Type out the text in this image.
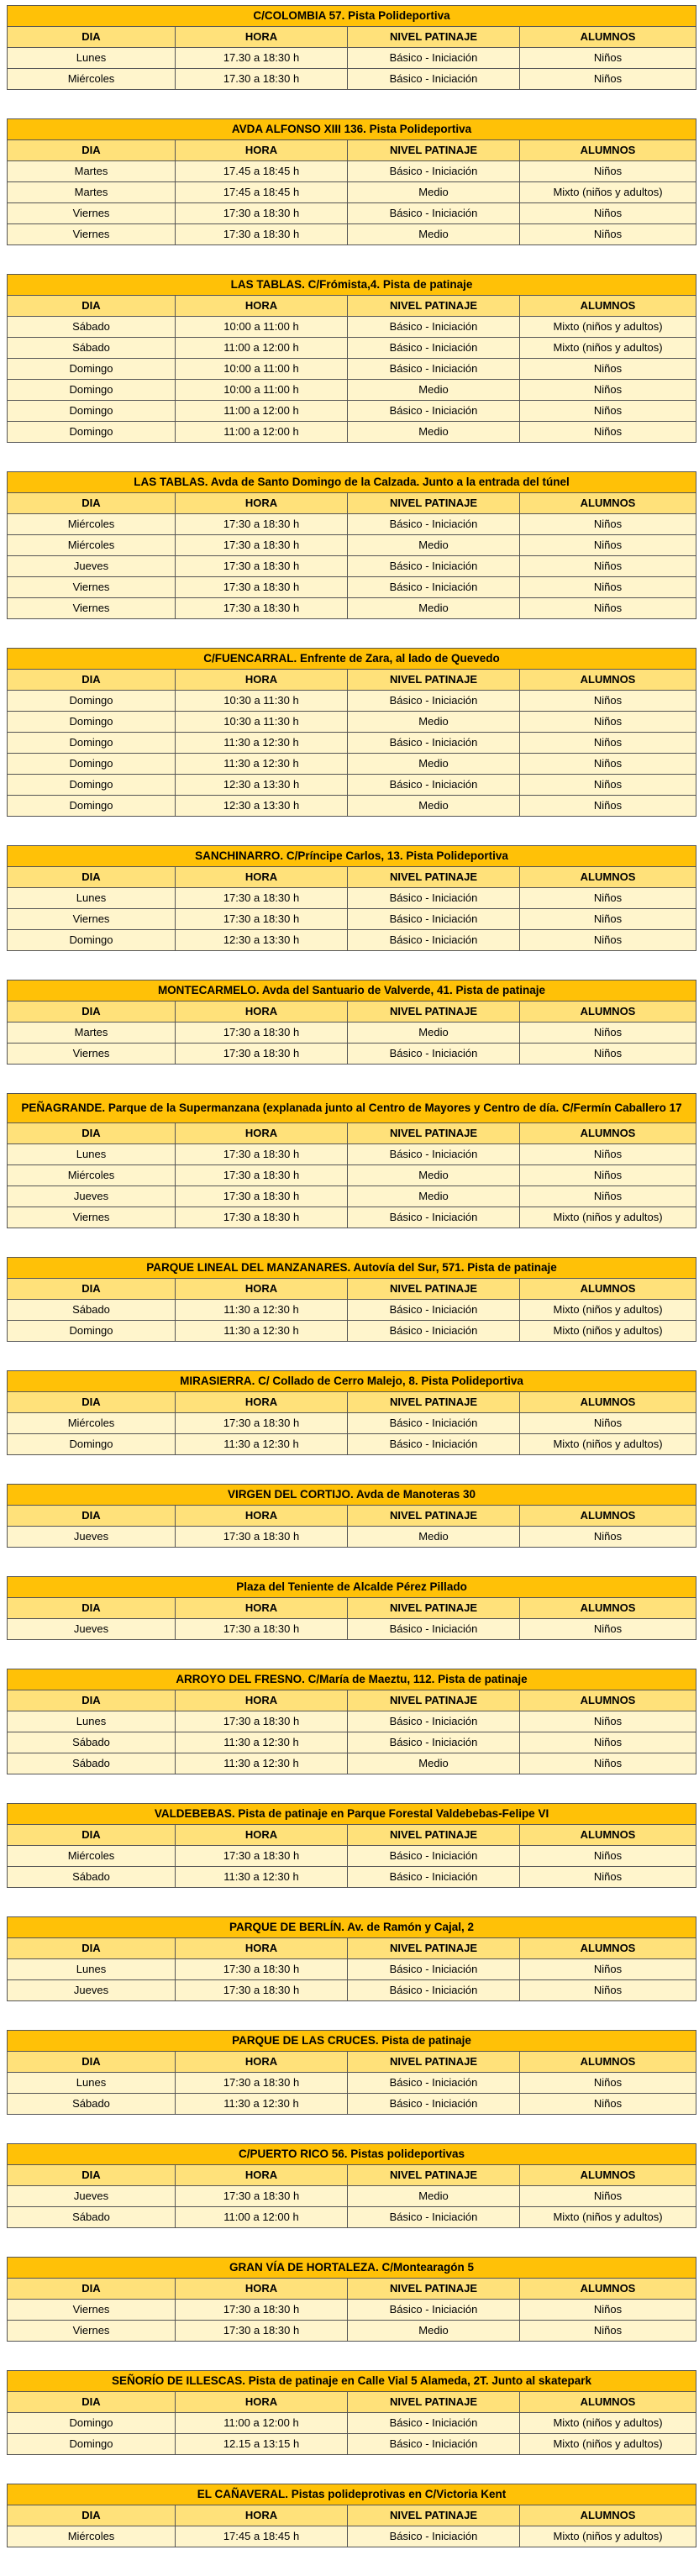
C/COLOMBIA 57. Pista Polideportiva			
DIA	HORA	NIVEL PATINAJE	ALUMNOS
Lunes	17.30 a 18:30 h	Básico - Iniciación	Niños
Miércoles	17.30 a 18:30 h	Básico - Iniciación	Niños
AVDA ALFONSO XIII 136. Pista Polideportiva			
DIA	HORA	NIVEL PATINAJE	ALUMNOS
Martes	17.45 a 18:45 h	Básico - Iniciación	Niños
Martes	17:45 a 18:45 h	Medio	Mixto (niños y adultos)
Viernes	17:30 a 18:30 h	Básico - Iniciación	Niños
Viernes	17:30 a 18:30 h	Medio	Niños
LAS TABLAS. C/Frómista,4. Pista de patinaje			
DIA	HORA	NIVEL PATINAJE	ALUMNOS
Sábado	10:00 a 11:00 h	Básico - Iniciación	Mixto (niños y adultos)
Sábado	11:00 a 12:00 h	Básico - Iniciación	Mixto (niños y adultos)
Domingo	10:00 a 11:00 h	Básico - Iniciación	Niños
Domingo	10:00 a 11:00 h	Medio	Niños
Domingo	11:00 a 12:00 h	Básico - Iniciación	Niños
Domingo	11:00 a 12:00 h	Medio	Niños
LAS TABLAS. Avda de Santo Domingo de la Calzada. Junto a la entrada del túnel			
DIA	HORA	NIVEL PATINAJE	ALUMNOS
Miércoles	17:30 a 18:30 h	Básico - Iniciación	Niños
Miércoles	17:30 a 18:30 h	Medio	Niños
Jueves	17:30 a 18:30 h	Básico - Iniciación	Niños
Viernes	17:30 a 18:30 h	Básico - Iniciación	Niños
Viernes	17:30 a 18:30 h	Medio	Niños
C/FUENCARRAL. Enfrente de Zara, al lado de Quevedo			
DIA	HORA	NIVEL PATINAJE	ALUMNOS
Domingo	10:30 a 11:30 h	Básico - Iniciación	Niños
Domingo	10:30 a 11:30 h	Medio	Niños
Domingo	11:30 a 12:30 h	Básico - Iniciación	Niños
Domingo	11:30 a 12:30 h	Medio	Niños
Domingo	12:30 a 13:30 h	Básico - Iniciación	Niños
Domingo	12:30 a 13:30 h	Medio	Niños
SANCHINARRO. C/Príncipe Carlos, 13. Pista Polideportiva			
DIA	HORA	NIVEL PATINAJE	ALUMNOS
Lunes	17:30 a 18:30 h	Básico - Iniciación	Niños
Viernes	17:30 a 18:30 h	Básico - Iniciación	Niños
Domingo	12:30 a 13:30 h	Básico - Iniciación	Niños
MONTECARMELO. Avda del Santuario de Valverde, 41. Pista de patinaje			
DIA	HORA	NIVEL PATINAJE	ALUMNOS
Martes	17:30 a 18:30 h	Medio	Niños
Viernes	17:30 a 18:30 h	Básico - Iniciación	Niños
PEÑAGRANDE. Parque de la Supermanzana (explanada junto al Centro de Mayores y Centro de día. C/Fermín Caballero 17			
DIA	HORA	NIVEL PATINAJE	ALUMNOS
Lunes	17:30 a 18:30 h	Básico - Iniciación	Niños
Miércoles	17:30 a 18:30 h	Medio	Niños
Jueves	17:30 a 18:30 h	Medio	Niños
Viernes	17:30 a 18:30 h	Básico - Iniciación	Mixto (niños y adultos)
PARQUE LINEAL DEL MANZANARES. Autovía del Sur, 571. Pista de patinaje			
DIA	HORA	NIVEL PATINAJE	ALUMNOS
Sábado	11:30 a 12:30 h	Básico - Iniciación	Mixto (niños y adultos)
Domingo	11:30 a 12:30 h	Básico - Iniciación	Mixto (niños y adultos)
MIRASIERRA. C/ Collado de Cerro Malejo, 8. Pista Polideportiva			
DIA	HORA	NIVEL PATINAJE	ALUMNOS
Miércoles	17:30 a 18:30 h	Básico - Iniciación	Niños
Domingo	11:30 a 12:30 h	Básico - Iniciación	Mixto (niños y adultos)
VIRGEN DEL CORTIJO. Avda de Manoteras 30			
DIA	HORA	NIVEL PATINAJE	ALUMNOS
Jueves	17:30 a 18:30 h	Medio	Niños
Plaza del Teniente de Alcalde Pérez Pillado			
DIA	HORA	NIVEL PATINAJE	ALUMNOS
Jueves	17:30 a 18:30 h	Básico - Iniciación	Niños
ARROYO DEL FRESNO. C/María de Maeztu, 112. Pista de patinaje			
DIA	HORA	NIVEL PATINAJE	ALUMNOS
Lunes	17:30 a 18:30 h	Básico - Iniciación	Niños
Sábado	11:30 a 12:30 h	Básico - Iniciación	Niños
Sábado	11:30 a 12:30 h	Medio	Niños
VALDEBEBAS. Pista de patinaje en Parque Forestal Valdebebas-Felipe VI			
DIA	HORA	NIVEL PATINAJE	ALUMNOS
Miércoles	17:30 a 18:30 h	Básico - Iniciación	Niños
Sábado	11:30 a 12:30 h	Básico - Iniciación	Niños
PARQUE DE BERLÍN. Av. de Ramón y Cajal, 2			
DIA	HORA	NIVEL PATINAJE	ALUMNOS
Lunes	17:30 a 18:30 h	Básico - Iniciación	Niños
Jueves	17:30 a 18:30 h	Básico - Iniciación	Niños
PARQUE DE LAS CRUCES. Pista de patinaje			
DIA	HORA	NIVEL PATINAJE	ALUMNOS
Lunes	17:30 a 18:30 h	Básico - Iniciación	Niños
Sábado	11:30 a 12:30 h	Básico - Iniciación	Niños
C/PUERTO RICO 56. Pistas polideportivas			
DIA	HORA	NIVEL PATINAJE	ALUMNOS
Jueves	17:30 a 18:30 h	Medio	Niños
Sábado	11:00 a 12:00 h	Básico - Iniciación	Mixto (niños y adultos)
GRAN VÍA DE HORTALEZA. C/Montearagón 5			
DIA	HORA	NIVEL PATINAJE	ALUMNOS
Viernes	17:30 a 18:30 h	Básico - Iniciación	Niños
Viernes	17:30 a 18:30 h	Medio	Niños
SEÑORÍO DE ILLESCAS. Pista de patinaje en Calle Vial 5 Alameda, 2T. Junto al skatepark			
DIA	HORA	NIVEL PATINAJE	ALUMNOS
Domingo	11:00 a 12:00 h	Básico - Iniciación	Mixto (niños y adultos)
Domingo	12.15 a 13:15 h	Básico - Iniciación	Mixto (niños y adultos)
EL CAÑAVERAL. Pistas polideprotivas en C/Victoria Kent			
DIA	HORA	NIVEL PATINAJE	ALUMNOS
Miércoles	17:45 a 18:45 h	Básico - Iniciación	Mixto (niños y adultos)
